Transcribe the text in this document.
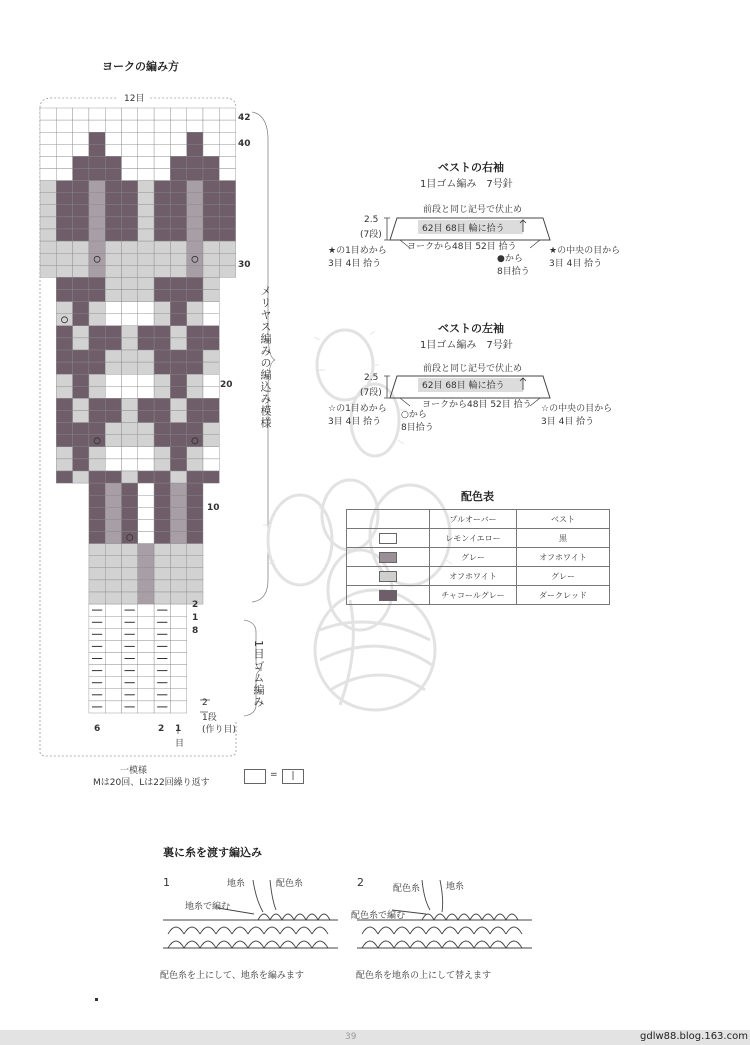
ヨークの編み方
12目
42
40
30
20
10
2
1
8
2
1段
(作り目)
メリヤス編みの編込み模様
1目ゴム編み
6	2 1
目
一模様
Mは20回、Lは22回繰り返す
=	|
ベストの右袖
1目ゴム編み　7号針
前段と同じ記号で伏止め
2.5
(7段)
62目 68目 輪に拾う
ヨークから48目 52目 拾う
★の1目めから
3目 4目 拾う	●から
8目拾う
★の中央の目から
3目 4目 拾う
ベストの左袖
1目ゴム編み　7号針
前段と同じ記号で伏止め
2.5
(7段)
62目 68目 輪に拾う
ヨークから48目 52目 拾う
☆の1目めから
3目 4目 拾う
○から
8目拾う
☆の中央の目から
3目 4目 拾う
配色表
	プルオーバー	ベスト
	レモンイエロー	黒
	グレー	オフホワイト
	オフホワイト	グレー
	チャコールグレー	ダークレッド
裏に糸を渡す編込み
1	地糸	配色糸
地糸で編む
配色糸を上にして、地糸を編みます
2	配色糸	地糸
配色糸で編む
配色糸を地糸の上にして替えます
39	gdlw88.blog.163.com
